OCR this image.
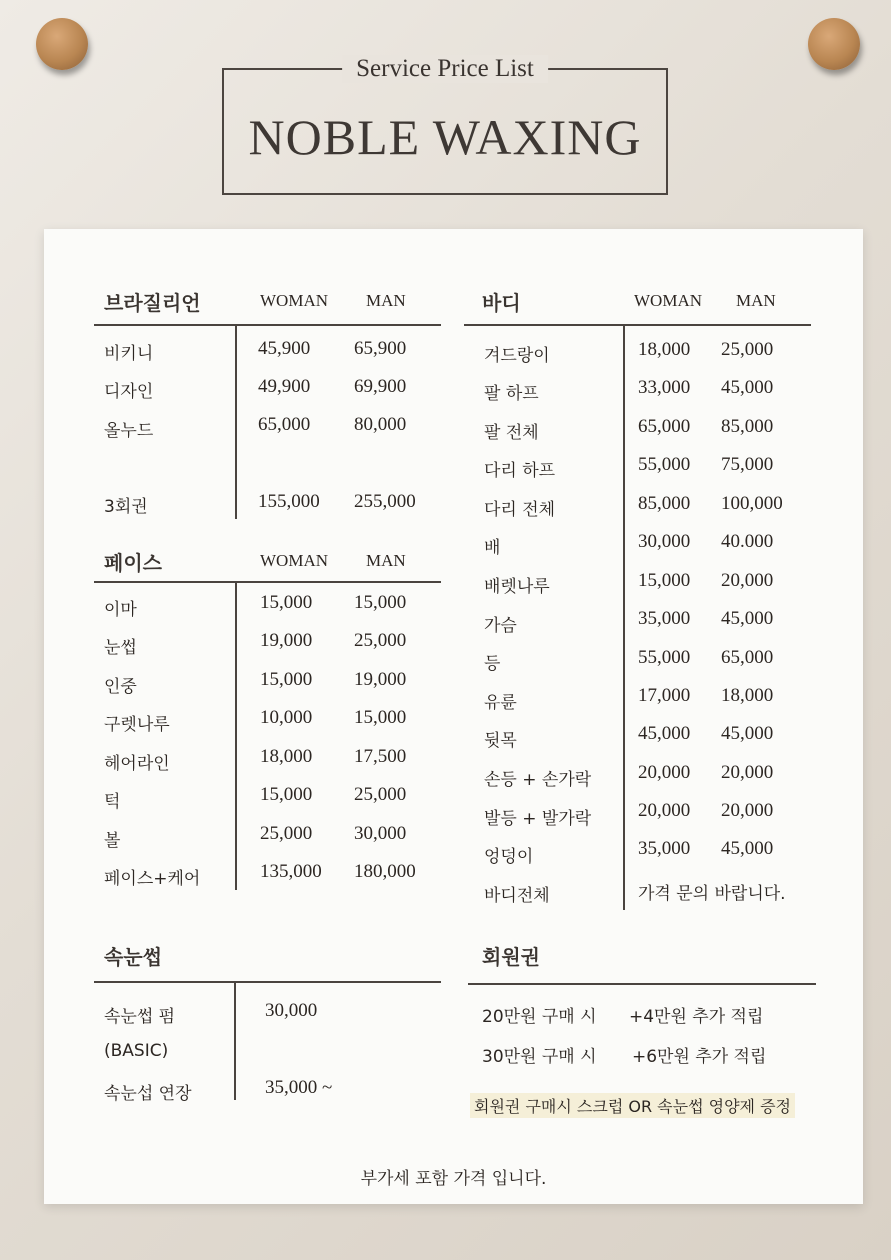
Service Price List
NOBLE WAXING
브라질리언	WOMAN MAN
비키니	45,900 65,900
디자인	49,900 69,900
올누드	65,000 80,000
3회권	155,000 255,000
페이스	WOMAN MAN
이마	15,000 15,000
눈썹	19,000 25,000
인중	15,000 19,000
구렛나루	10,000 15,000
헤어라인	18,000 17,500
턱	15,000 25,000
볼	25,000 30,000
페이스+케어	135,000 180,000
바디	WOMAN MAN
겨드랑이	18,000 25,000
팔 하프	33,000 45,000
팔 전체	65,000 85,000
다리 하프	55,000 75,000
다리 전체	85,000 100,000
배	30,000 40.000
배렛나루	15,000 20,000
가슴	35,000 45,000
등	55,000 65,000
유륜	17,000 18,000
뒷목	45,000 45,000
손등 + 손가락 20,000 20,000
발등 + 발가락 20,000 20,000
엉덩이	35,000 45,000
바디전체	가격 문의 바랍니다.
속눈썹
속눈썹 펌	30,000
(BASIC)
속눈섭 연장	35,000 ~
회원권
20만원 구매 시 +4만원 추가 적립
30만원 구매 시 +6만원 추가 적립
회원권 구매시 스크럽 OR 속눈썹 영양제 증정
부가세 포함 가격 입니다.
